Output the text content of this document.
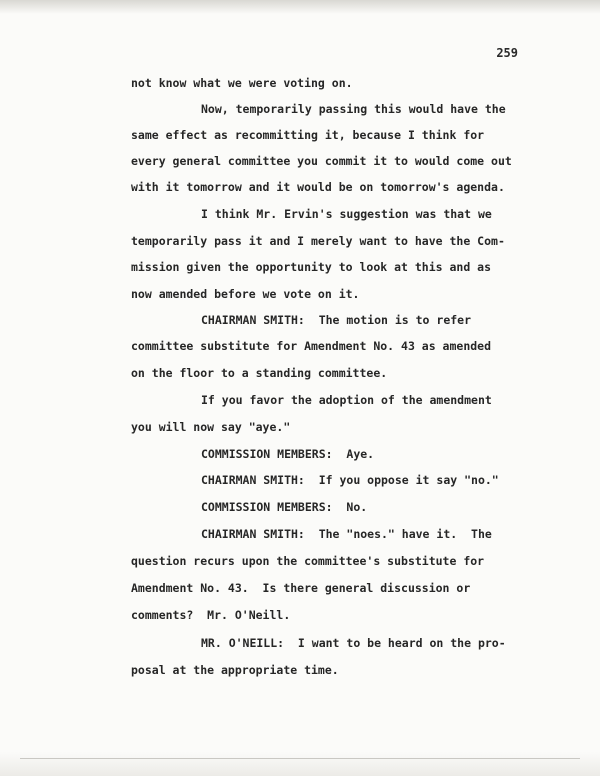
259
not know what we were voting on.
Now, temporarily passing this would have the
same effect as recommitting it, because I think for
every general committee you commit it to would come out
with it tomorrow and it would be on tomorrow's agenda.
I think Mr. Ervin's suggestion was that we
temporarily pass it and I merely want to have the Com-
mission given the opportunity to look at this and as
now amended before we vote on it.
CHAIRMAN SMITH:  The motion is to refer
committee substitute for Amendment No. 43 as amended
on the floor to a standing committee.
If you favor the adoption of the amendment
you will now say "aye."
COMMISSION MEMBERS:  Aye.
CHAIRMAN SMITH:  If you oppose it say "no."
COMMISSION MEMBERS:  No.
CHAIRMAN SMITH:  The "noes." have it.  The
question recurs upon the committee's substitute for
Amendment No. 43.  Is there general discussion or
comments?  Mr. O'Neill.
MR. O'NEILL:  I want to be heard on the pro-
posal at the appropriate time.
